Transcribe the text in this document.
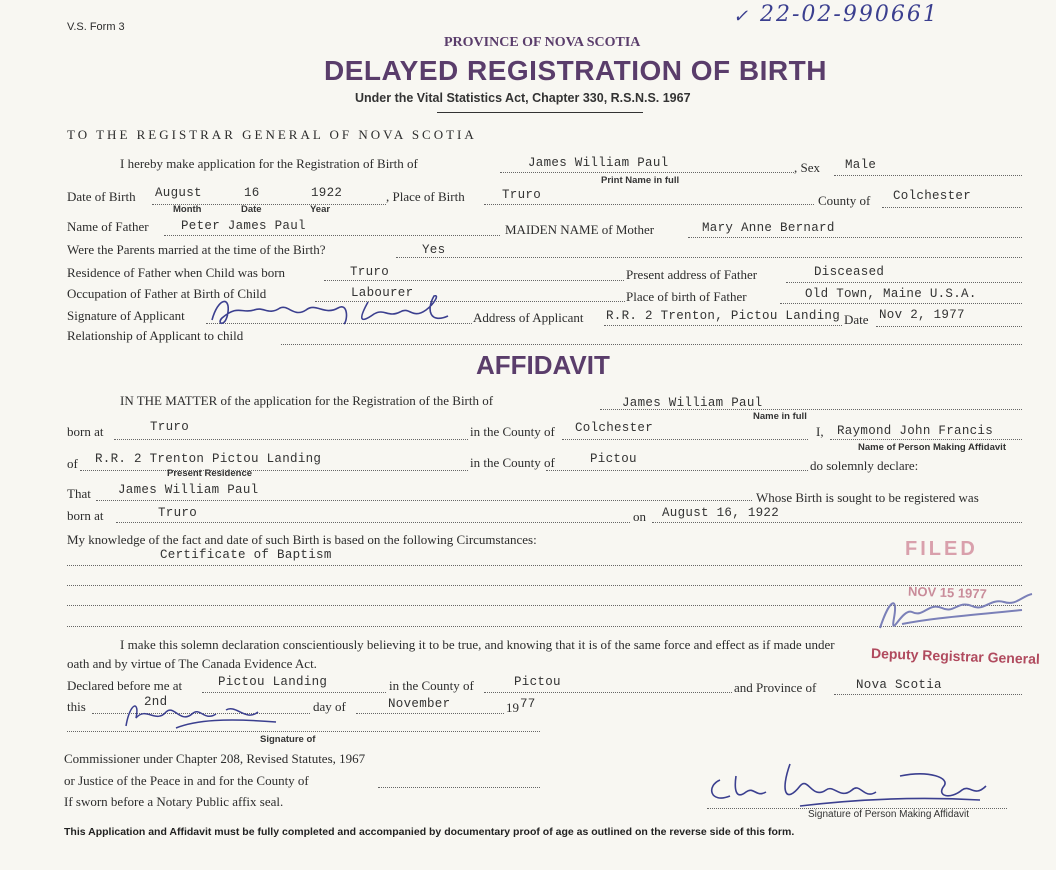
V.S. Form 3	22-02-990661
✓
PROVINCE OF NOVA SCOTIA
DELAYED REGISTRATION OF BIRTH
Under the Vital Statistics Act, Chapter 330, R.S.N.S. 1967
TO THE REGISTRAR GENERAL OF NOVA SCOTIA
I hereby make application for the Registration of Birth of	James William Paul
Print Name in full
, Sex Male
Date of Birth August	16	1922
Month	Date	Year
, Place of Birth	Truro	County of Colchester
Name of Father	Peter James Paul	MAIDEN NAME of Mother	Mary Anne Bernard
Were the Parents married at the time of the Birth?	Yes
Residence of Father when Child was born	Truro	Present address of Father	Disceased
Occupation of Father at Birth of Child	Labourer	Place of birth of Father	Old Town, Maine U.S.A.
Signature of Applicant	Address of Applicant R.R. 2 Trenton, Pictou Landing Date Nov 2, 1977
Relationship of Applicant to child
AFFIDAVIT
IN THE MATTER of the application for the Registration of the Birth of	James William Paul
Name in full
born at	Truro	in the County of Colchester	I, Raymond John Francis
Name of Person Making Affidavit
of R.R. 2 Trenton Pictou Landing
Present Residence
in the County of	Pictou	do solemnly declare:
That James William Paul	Whose Birth is sought to be registered was
born at	Truro	on August 16, 1922
My knowledge of the fact and date of such Birth is based on the following Circumstances:
Certificate of Baptism	FILED
NOV 15 1977
Deputy Registrar General
I make this solemn declaration conscientiously believing it to be true, and knowing that it is of the same force and effect as if made under
oath and by virtue of The Canada Evidence Act.
Declared before me at	Pictou Landing	in the County of	Pictou	and Province of	Nova Scotia
this	2nd	day of	November	19 77
Signature of
Commissioner under Chapter 208, Revised Statutes, 1967
or Justice of the Peace in and for the County of
If sworn before a Notary Public affix seal.
Signature of Person Making Affidavit
This Application and Affidavit must be fully completed and accompanied by documentary proof of age as outlined on the reverse side of this form.
